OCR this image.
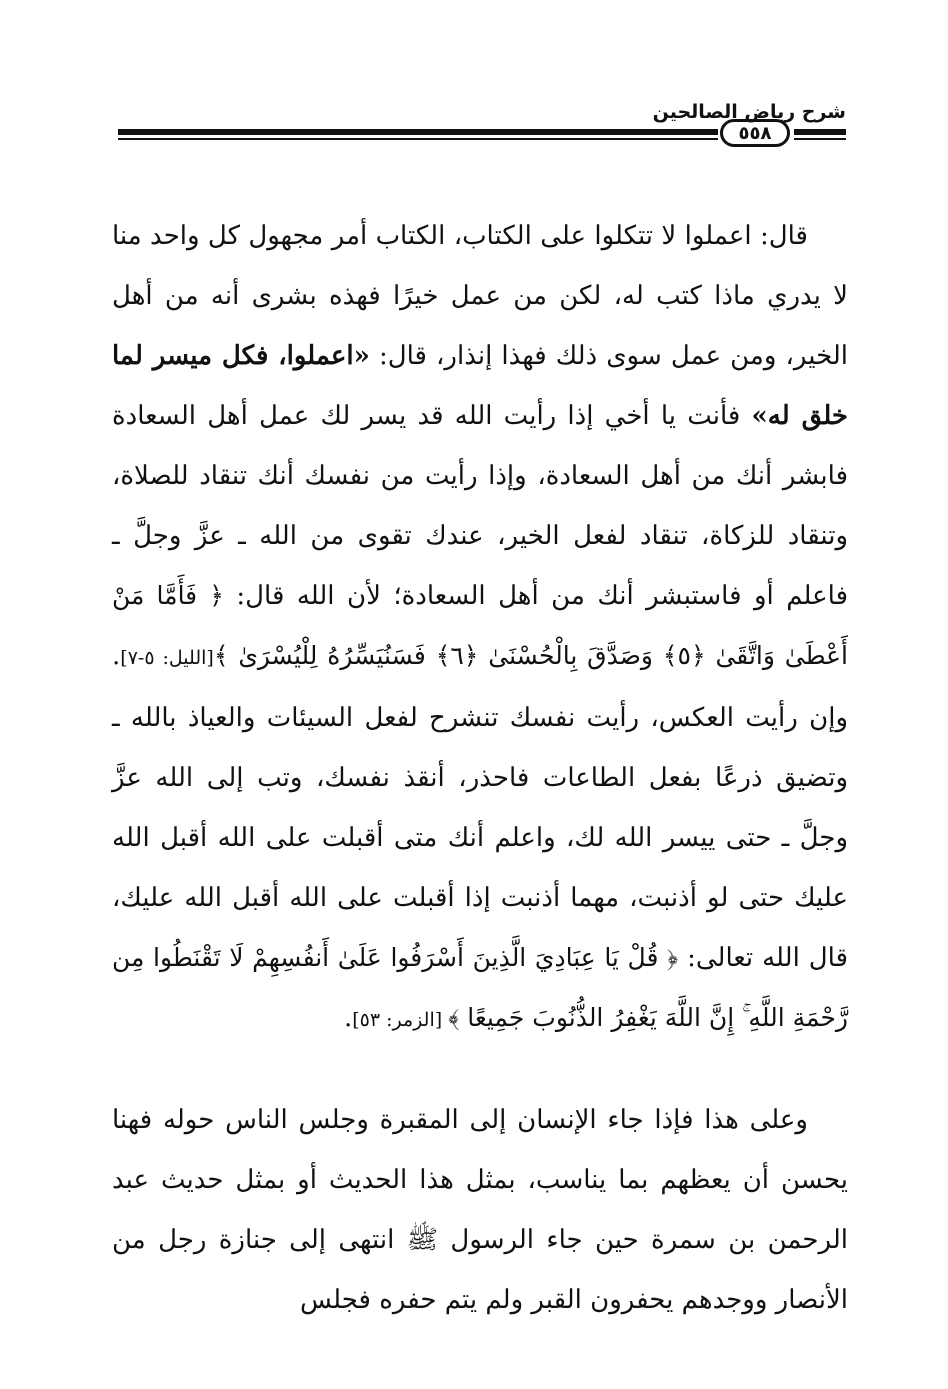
شرح رياض الصالحين
٥٥٨

قال: اعملوا لا تتكلوا على الكتاب، الكتاب أمر مجهول كل واحد منا لا يدري ماذا كتب له، لكن من عمل خيرًا فهذه بشرى أنه من أهل الخير، ومن عمل سوى ذلك فهذا إنذار، قال: «اعملوا، فكل ميسر لما خلق له» فأنت يا أخي إذا رأيت الله قد يسر لك عمل أهل السعادة فابشر أنك من أهل السعادة، وإذا رأيت من نفسك أنك تنقاد للصلاة، وتنقاد للزكاة، تنقاد لفعل الخير، عندك تقوى من الله ـ عزَّ وجلَّ ـ فاعلم أو فاستبشر أنك من أهل السعادة؛ لأن الله قال: ﴿ فَأَمَّا مَنْ أَعْطَىٰ وَاتَّقَىٰ ﴿٥﴾ وَصَدَّقَ بِالْحُسْنَىٰ ﴿٦﴾ فَسَنُيَسِّرُهُ لِلْيُسْرَىٰ ﴾[الليل: ٥-٧]. وإن رأيت العكس، رأيت نفسك تنشرح لفعل السيئات والعياذ بالله ـ وتضيق ذرعًا بفعل الطاعات فاحذر، أنقذ نفسك، وتب إلى الله عزَّ وجلَّ ـ حتى ييسر الله لك، واعلم أنك متى أقبلت على الله أقبل الله عليك حتى لو أذنبت، مهما أذنبت إذا أقبلت على الله أقبل الله عليك، قال الله تعالى: ﴿ قُلْ يَا عِبَادِيَ الَّذِينَ أَسْرَفُوا عَلَىٰ أَنفُسِهِمْ لَا تَقْنَطُوا مِن رَّحْمَةِ اللَّهِ ۚ إِنَّ اللَّهَ يَغْفِرُ الذُّنُوبَ جَمِيعًا ﴾ [الزمر: ٥٣].

وعلى هذا فإذا جاء الإنسان إلى المقبرة وجلس الناس حوله فهنا يحسن أن يعظهم بما يناسب، بمثل هذا الحديث أو بمثل حديث عبد الرحمن بن سمرة حين جاء الرسول ﷺ انتهى إلى جنازة رجل من الأنصار ووجدهم يحفرون القبر ولم يتم حفره فجلس
